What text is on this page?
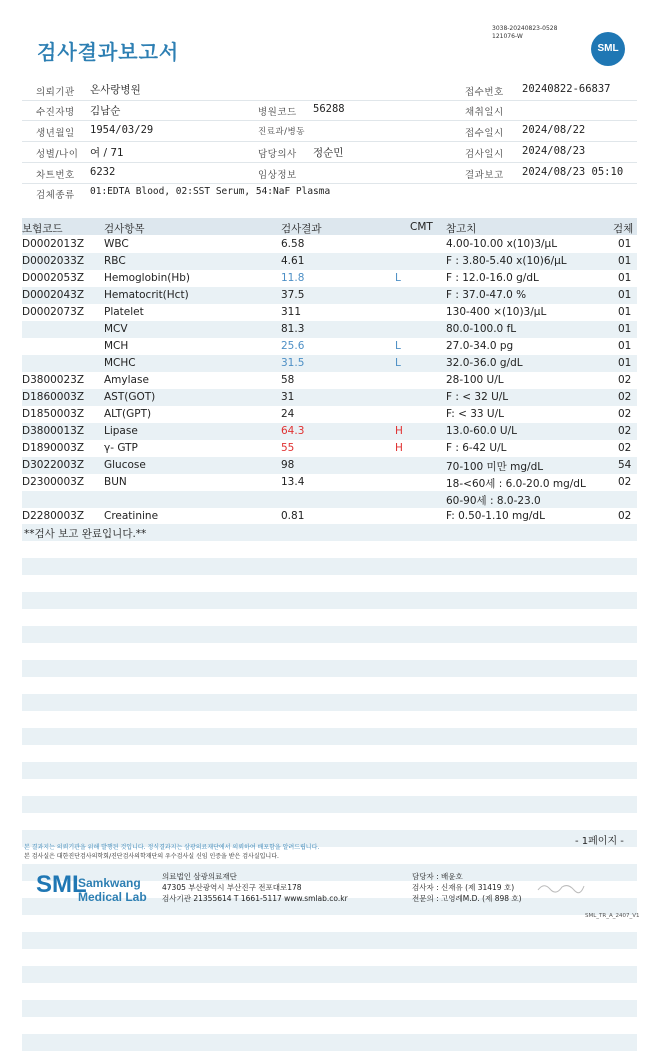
검사결과보고서
3038-20240823-0528
121076-W
SML
의뢰기관 온사랑병원
수진자명 김남순
생년월일 1954/03/29
성별/나이 여 / 71
차트번호 6232
검체종류 01:EDTA Blood, 02:SST Serum, 54:NaF Plasma
병원코드 56288
진료과/병동
담당의사 정순민
임상정보
접수번호 20240822-66837
채취일시
접수일시 2024/08/22
검사일시 2024/08/23
결과보고 2024/08/23 05:10
보험코드	검사항목	검사결과	CMT 참고치	검체
D0002013Z WBC	6.58	4.00-10.00 x(10)3/μL	01
D0002033Z RBC	4.61	F : 3.80-5.40 x(10)6/μL	01
D0002053Z Hemoglobin(Hb)	11.8	L	F : 12.0-16.0 g/dL	01
D0002043Z Hematocrit(Hct)	37.5	F : 37.0-47.0 %	01
D0002073Z Platelet	311	130-400 ×(10)3/μL	01
MCV	81.3	80.0-100.0 fL	01
MCH	25.6	L	27.0-34.0 pg	01
MCHC	31.5	L	32.0-36.0 g/dL	01
D3800023Z Amylase	58	28-100 U/L	02
D1860003Z AST(GOT)	31	F : < 32 U/L	02
D1850003Z ALT(GPT)	24	F: < 33 U/L	02
D3800013Z Lipase	64.3	H	13.0-60.0 U/L	02
D1890003Z γ- GTP	55	H	F : 6-42 U/L	02
D3022003Z Glucose	98	70-100 미만 mg/dL	54
D2300003Z BUN	13.4	18-<60세 : 6.0-20.0 mg/dL	02
60-90세 : 8.0-23.0
D2280003Z Creatinine	0.81	F: 0.50-1.10 mg/dL	02
**검사 보고 완료입니다.**
본 결과지는 의뢰기관을 위해 발행된 것입니다. 정식결과지는 삼광의료재단에서 의뢰하여 배포함을 알려드립니다.
본 검사실은 대한진단검사의학회/진단검사의학재단의 우수검사실 신임 인증을 받은 검사실입니다.
- 1페이지 -
SML
Samkwang
Medical Lab
의료법인 삼광의료재단
47305 부산광역시 부산진구 전포대로178
검사기관 21355614 T 1661-5117 www.smlab.co.kr
담당자 : 배윤호
검사자 : 신재유 (제 31419 호)
전문의 : 고영례M.D. (제 898 호)
SML_TR_A_2407_V1
